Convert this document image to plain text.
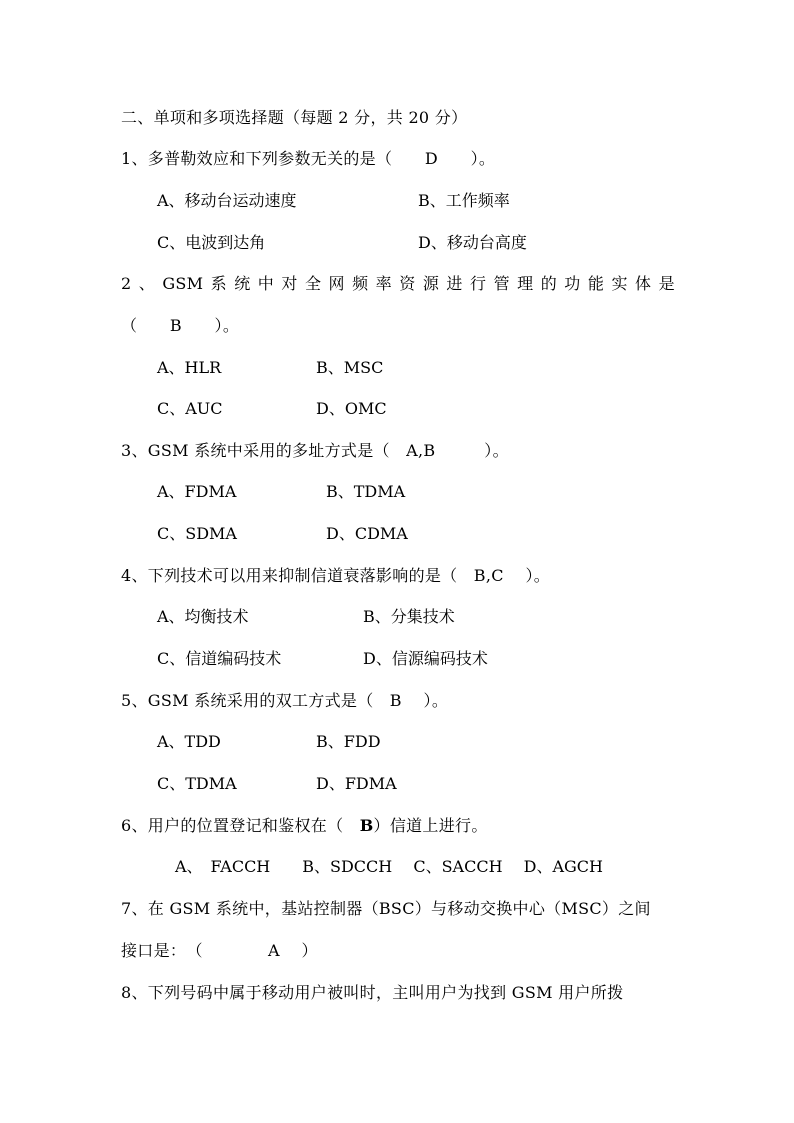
二、单项和多项选择题（每题 2 分，共 20 分）
1、多普勒效应和下列参数无关的是（　　D　　）。
A、移动台运动速度	B、工作频率
C、电波到达角	D、移动台高度
2 、 GSM 系 统 中 对 全 网 频 率 资 源 进 行 管 理 的 功 能 实 体 是
（　　B　　）。
A、HLR	B、MSC
C、AUC	D、OMC
3、GSM 系统中采用的多址方式是（　A,B　　　）。
A、FDMA	B、TDMA
C、SDMA	D、CDMA
4、下列技术可以用来抑制信道衰落影响的是（　B,C　 ）。
A、均衡技术	B、分集技术
C、信道编码技术	D、信源编码技术
5、GSM 系统采用的双工方式是（　B　 ）。
A、TDD	B、FDD
C、TDMA	D、FDMA
6、用户的位置登记和鉴权在（　B）信道上进行。
A、　FACCH　　B、SDCCH　 C、SACCH　 D、AGCH
7、在 GSM 系统中，基站控制器（BSC）与移动交换中心（MSC）之间
接口是：　（　　　　A　 ）
8、下列号码中属于移动用户被叫时，主叫用户为找到 GSM 用户所拨
